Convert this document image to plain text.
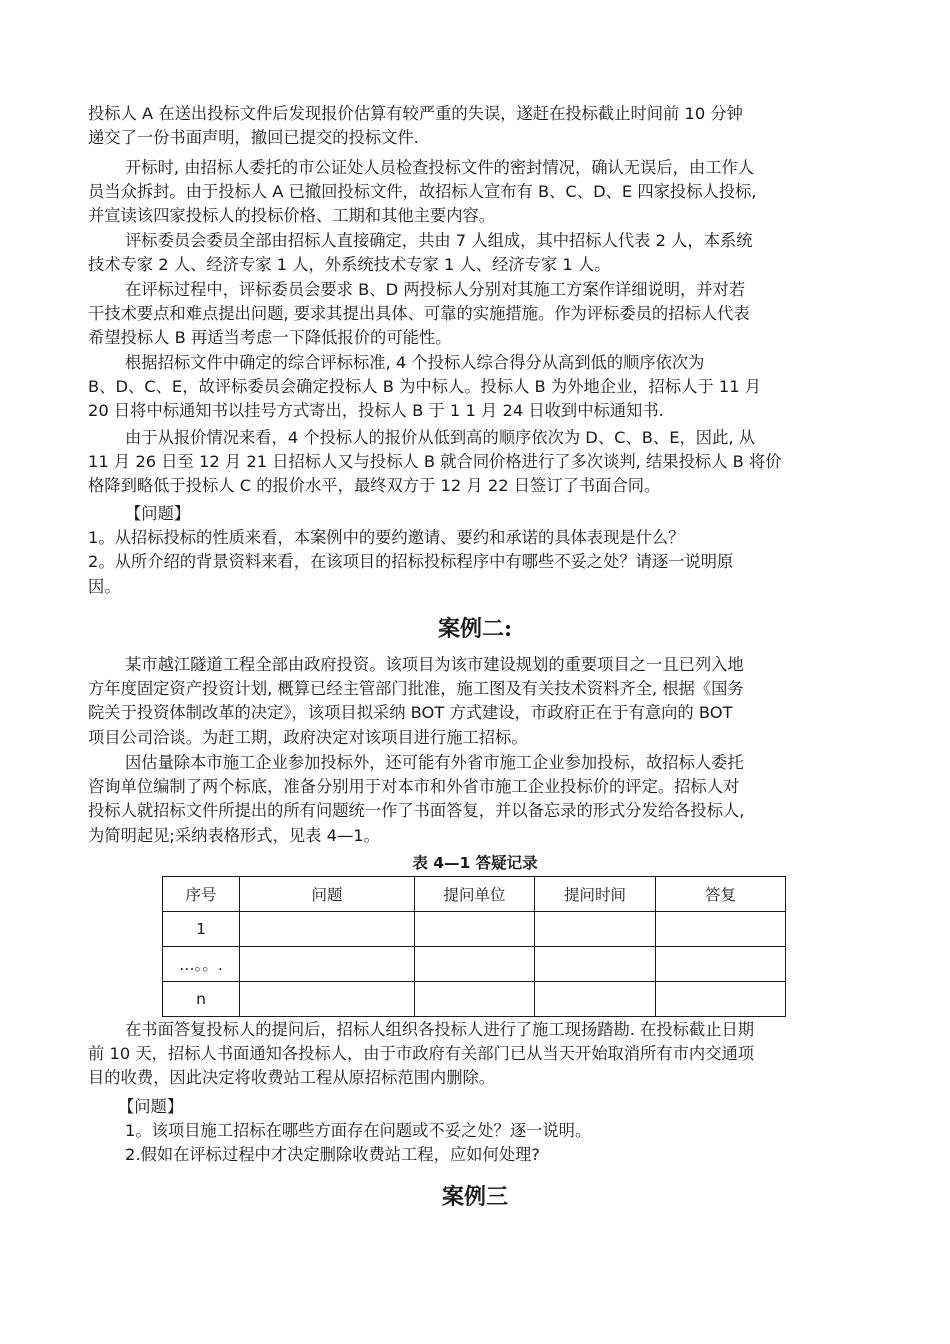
投标人 A 在送出投标文件后发现报价估算有较严重的失误，遂赶在投标截止时间前 10 分钟
递交了一份书面声明，撤回已提交的投标文件.

开标时, 由招标人委托的市公证处人员检查投标文件的密封情况，确认无误后，由工作人
员当众拆封。由于投标人 A 已撤回投标文件，故招标人宣布有 B、C、D、E 四家投标人投标,
并宣读该四家投标人的投标价格、工期和其他主要内容。

评标委员会委员全部由招标人直接确定，共由 7 人组成，其中招标人代表 2 人，本系统
技术专家 2 人、经济专家 1 人，外系统技术专家 1 人、经济专家 1 人。

在评标过程中，评标委员会要求 B、D 两投标人分别对其施工方案作详细说明，并对若
干技术要点和难点提出问题, 要求其提出具体、可靠的实施措施。作为评标委员的招标人代表
希望投标人 B 再适当考虑一下降低报价的可能性。

根据招标文件中确定的综合评标标准, 4 个投标人综合得分从高到低的顺序依次为
B、D、C、E，故评标委员会确定投标人 B 为中标人。投标人 B 为外地企业，招标人于 11 月
20 日将中标通知书以挂号方式寄出，投标人 B 于 1 1 月 24 日收到中标通知书.

由于从报价情况来看，4 个投标人的报价从低到高的顺序依次为 D、C、B、E，因此, 从
11 月 26 日至 12 月 21 日招标人又与投标人 B 就合同价格进行了多次谈判, 结果投标人 B 将价
格降到略低于投标人 C 的报价水平，最终双方于 12 月 22 日签订了书面合同。

【问题】
1。从招标投标的性质来看，本案例中的要约邀请、要约和承诺的具体表现是什么？
2。从所介绍的背景资料来看，在该项目的招标投标程序中有哪些不妥之处？请逐一说明原
因。

案例二:

某市越江隧道工程全部由政府投资。该项目为该市建设规划的重要项目之一且已列入地
方年度固定资产投资计划, 概算已经主管部门批准，施工图及有关技术资料齐全, 根据《国务
院关于投资体制改革的决定》，该项目拟采纳 BOT 方式建设，市政府正在于有意向的 BOT
项目公司洽谈。为赶工期，政府决定对该项目进行施工招标。

因估量除本市施工企业参加投标外，还可能有外省市施工企业参加投标，故招标人委托
咨询单位编制了两个标底，准备分别用于对本市和外省市施工企业投标价的评定。招标人对
投标人就招标文件所提出的所有问题统一作了书面答复，并以备忘录的形式分发给各投标人,
为简明起见;采纳表格形式，见表 4—1。

表 4—1 答疑记录

序号	问题	提问单位	提问时间	答复
1				
…。。.				
n				

在书面答复投标人的提问后，招标人组织各投标人进行了施工现扬踏勘. 在投标截止日期
前 10 天，招标人书面通知各投标人，由于市政府有关部门已从当天开始取消所有市内交通项
目的收费，因此决定将收费站工程从原招标范围内删除。

【问题】
1。该项目施工招标在哪些方面存在问题或不妥之处？逐一说明。
2.假如在评标过程中才决定删除收费站工程，应如何处理?

案例三
